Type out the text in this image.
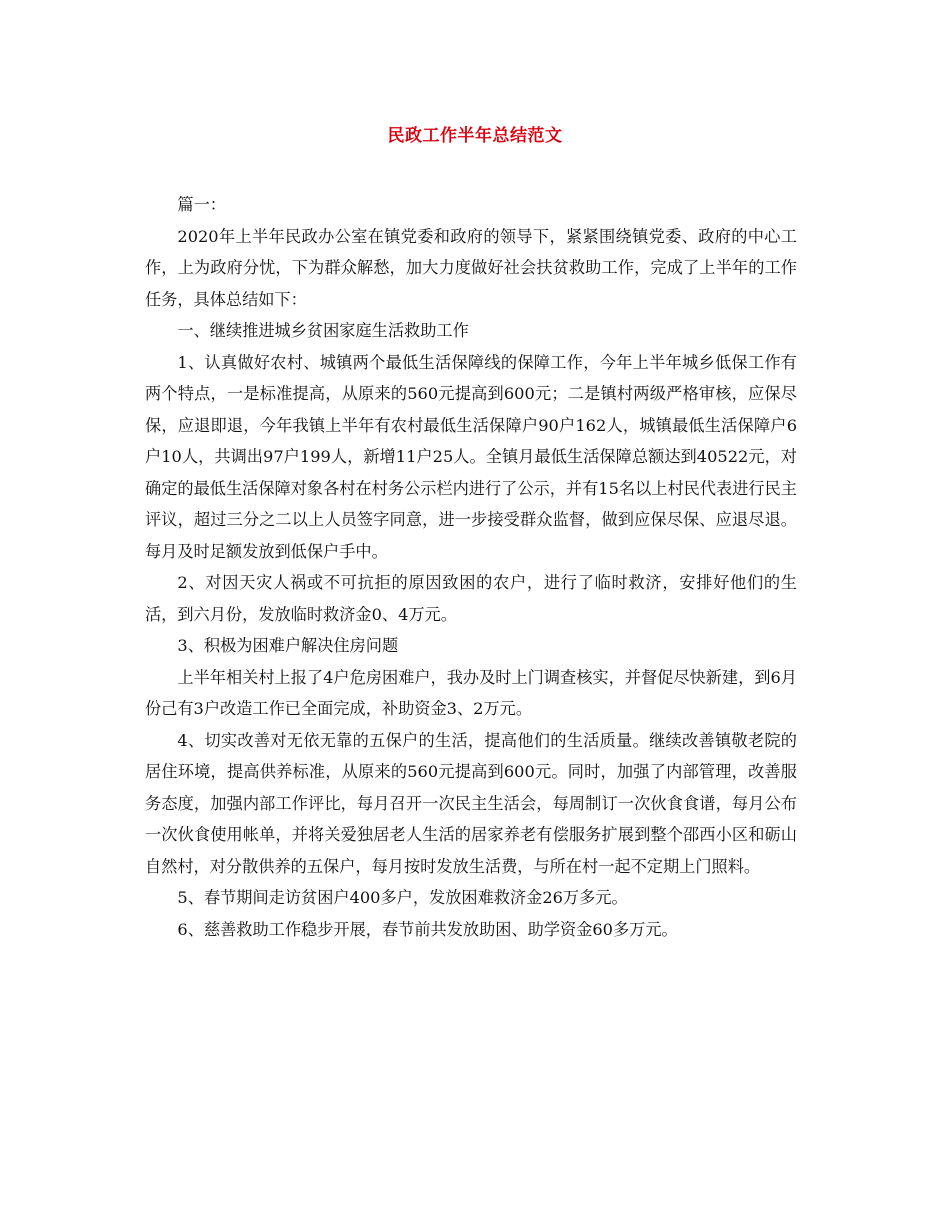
民政工作半年总结范文

篇一：

2020年上半年民政办公室在镇党委和政府的领导下，紧紧围绕镇党委、政府的中心工作，上为政府分忧，下为群众解愁，加大力度做好社会扶贫救助工作，完成了上半年的工作任务，具体总结如下：

一、继续推进城乡贫困家庭生活救助工作

1、认真做好农村、城镇两个最低生活保障线的保障工作，今年上半年城乡低保工作有两个特点，一是标准提高，从原来的560元提高到600元；二是镇村两级严格审核，应保尽保，应退即退，今年我镇上半年有农村最低生活保障户90户162人，城镇最低生活保障户6户10人，共调出97户199人，新增11户25人。全镇月最低生活保障总额达到40522元，对确定的最低生活保障对象各村在村务公示栏内进行了公示，并有15名以上村民代表进行民主评议，超过三分之二以上人员签字同意，进一步接受群众监督，做到应保尽保、应退尽退。每月及时足额发放到低保户手中。

2、对因天灾人祸或不可抗拒的原因致困的农户，进行了临时救济，安排好他们的生活，到六月份，发放临时救济金0、4万元。

3、积极为困难户解决住房问题

上半年相关村上报了4户危房困难户，我办及时上门调查核实，并督促尽快新建，到6月份己有3户改造工作已全面完成，补助资金3、2万元。

4、切实改善对无依无靠的五保户的生活，提高他们的生活质量。继续改善镇敬老院的居住环境，提高供养标准，从原来的560元提高到600元。同时，加强了内部管理，改善服务态度，加强内部工作评比，每月召开一次民主生活会，每周制订一次伙食食谱，每月公布一次伙食使用帐单，并将关爱独居老人生活的居家养老有偿服务扩展到整个邵西小区和砺山自然村，对分散供养的五保户，每月按时发放生活费，与所在村一起不定期上门照料。

5、春节期间走访贫困户400多户，发放困难救济金26万多元。

6、慈善救助工作稳步开展，春节前共发放助困、助学资金60多万元。
